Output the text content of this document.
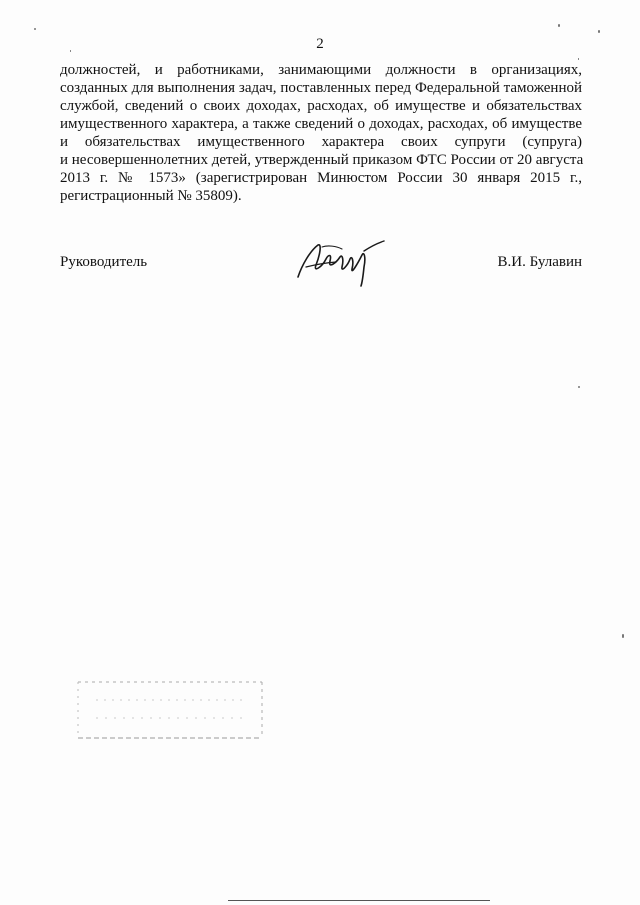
2
должностей, и работниками, занимающими должности в организациях,
созданных для выполнения задач, поставленных перед Федеральной таможенной
службой, сведений о своих доходах, расходах, об имуществе и обязательствах
имущественного характера, а также сведений о доходах, расходах, об имуществе
и обязательствах имущественного характера своих супруги (супруга)
и несовершеннолетних детей, утвержденный приказом ФТС России от 20 августа
2013 г. № 1573» (зарегистрирован Минюстом России 30 января 2015 г.,
регистрационный № 35809).
Руководитель	В.И. Булавин
